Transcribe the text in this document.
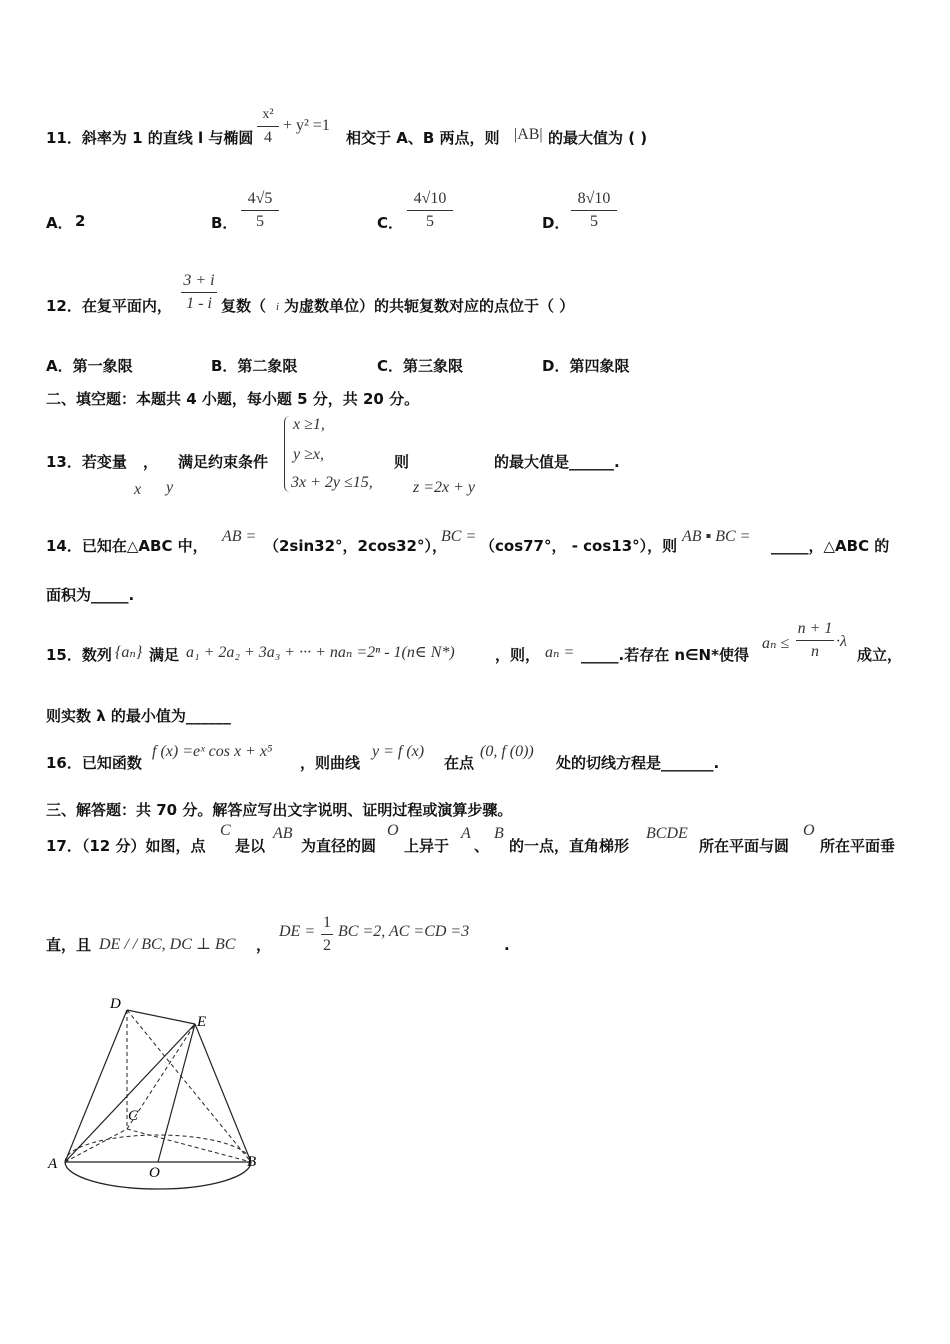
11．斜率为 1 的直线 l 与椭圆
x²
4
+ y² =1
相交于 A、B 两点，则 |AB| 的最大值为 ( )
A． 2	B．
4√5
5	C．
4√10
5	D．
8√10
5
12．在复平面内，
3 + i
1 - i 复数（ i 为虚数单位）的共轭复数对应的点位于（ ）
A．第一象限	B．第二象限	C．第三象限	D．第四象限
二、填空题：本题共 4 小题，每小题 5 分，共 20 分。
13．若变量 ，
x y
满足约束条件
x ≥1,
y ≥x,
3x + 2y ≤15,
则
z =2x + y
的最大值是______.
14．已知在△ABC 中，
AB =
（2sin32°，2cos32°），
BC =
（cos77°， - cos13°），则
AB ▪ BC =
_____，△ABC 的
面积为_____.
15．数列 {aₙ} 满足 a₁ + 2a₂ + 3a₃ + ··· + naₙ =2ⁿ - 1(n∈ N*)	，则， aₙ = _____.若存在 n∈N*使得
aₙ ≤
n + 1
n
·λ
成立，
则实数 λ 的最小值为______
16．已知函数
f (x) =eˣ cos x + x⁵
，则曲线
y = f (x)
在点
(0, f (0))
处的切线方程是_______.
三、解答题：共 70 分。解答应写出文字说明、证明过程或演算步骤。
17．（12 分）如图，点
C
是以
AB
为直径的圆
O
上异于
A
、
B
的一点，直角梯形
BCDE
所在平面与圆
O
所在平面垂
直，且 DE / / BC, DC ⊥ BC ，
DE =
1
2
BC =2, AC =CD =3
.
D
E
C
A
O
B
